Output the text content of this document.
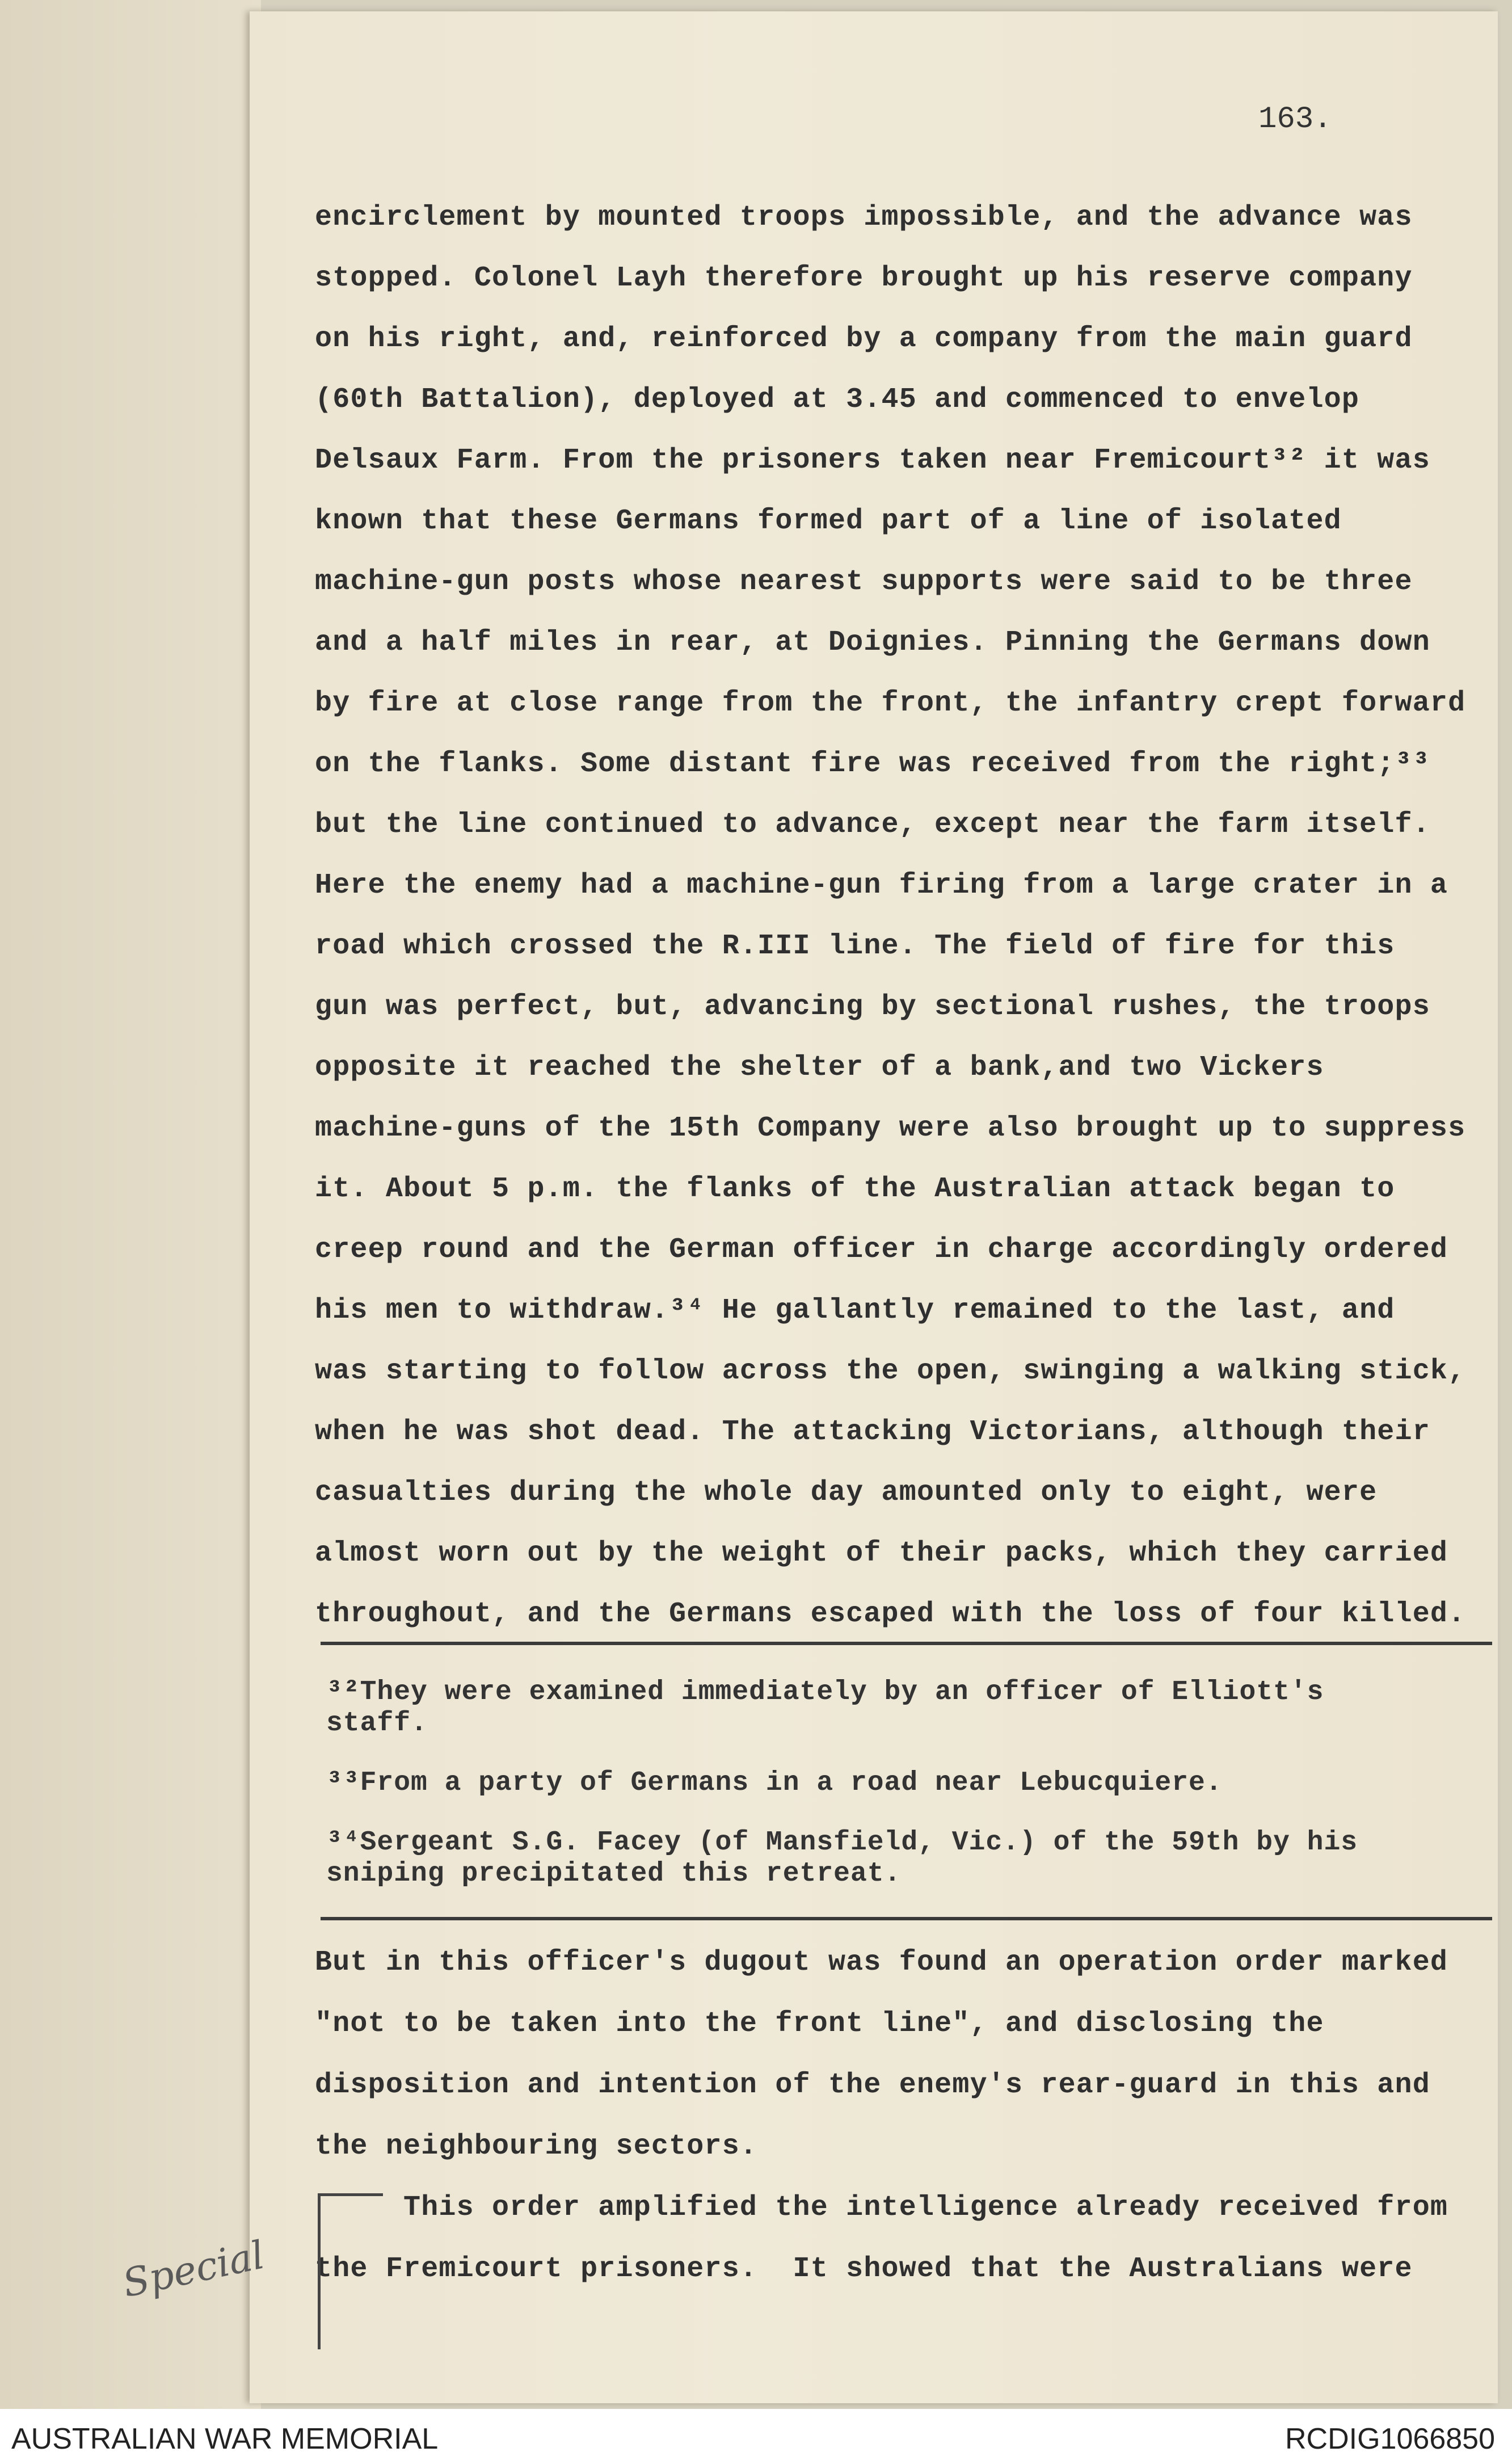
163.

encirclement by mounted troops impossible, and the advance was

stopped. Colonel Layh therefore brought up his reserve company

on his right, and, reinforced by a company from the main guard

(60th Battalion), deployed at 3.45 and commenced to envelop

Delsaux Farm. From the prisoners taken near Fremicourt³² it was

known that these Germans formed part of a line of isolated

machine-gun posts whose nearest supports were said to be three

and a half miles in rear, at Doignies. Pinning the Germans down

by fire at close range from the front, the infantry crept forward

on the flanks. Some distant fire was received from the right;³³

but the line continued to advance, except near the farm itself.

Here the enemy had a machine-gun firing from a large crater in a

road which crossed the R.III line. The field of fire for this

gun was perfect, but, advancing by sectional rushes, the troops

opposite it reached the shelter of a bank,and two Vickers

machine-guns of the 15th Company were also brought up to suppress

it. About 5 p.m. the flanks of the Australian attack began to

creep round and the German officer in charge accordingly ordered

his men to withdraw.³⁴ He gallantly remained to the last, and

was starting to follow across the open, swinging a walking stick,

when he was shot dead. The attacking Victorians, although their

casualties during the whole day amounted only to eight, were

almost worn out by the weight of their packs, which they carried

throughout, and the Germans escaped with the loss of four killed.

³²They were examined immediately by an officer of Elliott's

staff.

³³From a party of Germans in a road near Lebucquiere.

³⁴Sergeant S.G. Facey (of Mansfield, Vic.) of the 59th by his

sniping precipitated this retreat.

But in this officer's dugout was found an operation order marked

"not to be taken into the front line", and disclosing the

disposition and intention of the enemy's rear-guard in this and

the neighbouring sectors.

This order amplified the intelligence already received from

the Fremicourt prisoners.  It showed that the Australians were

Special
AUSTRALIAN WAR MEMORIAL	RCDIG1066850
